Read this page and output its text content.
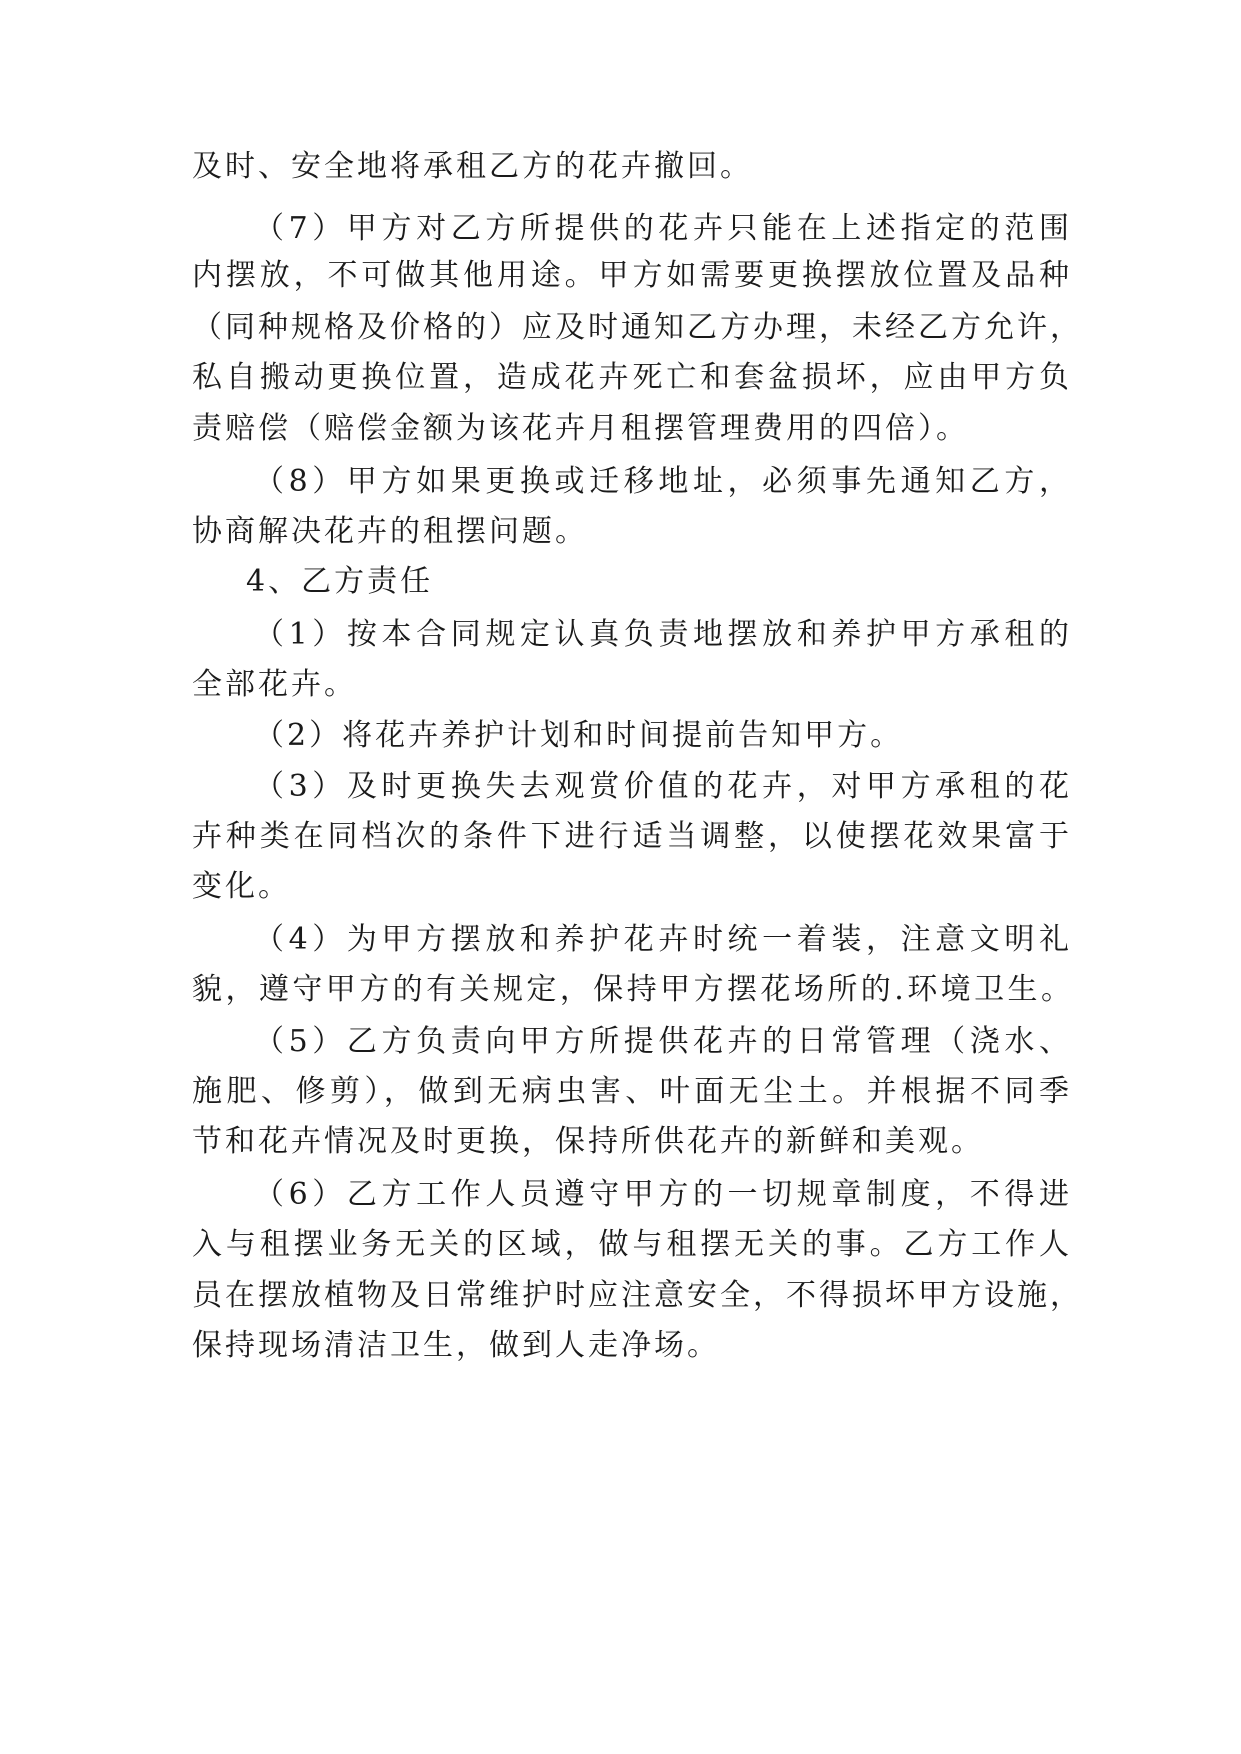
及时、安全地将承租乙方的花卉撤回。
（7）甲方对乙方所提供的花卉只能在上述指定的范围
内摆放，不可做其他用途。甲方如需要更换摆放位置及品种
（同种规格及价格的）应及时通知乙方办理，未经乙方允许，
私自搬动更换位置，造成花卉死亡和套盆损坏，应由甲方负
责赔偿（赔偿金额为该花卉月租摆管理费用的四倍）。
（8）甲方如果更换或迁移地址，必须事先通知乙方，
协商解决花卉的租摆问题。
4、乙方责任
（1）按本合同规定认真负责地摆放和养护甲方承租的
全部花卉。
（2）将花卉养护计划和时间提前告知甲方。
（3）及时更换失去观赏价值的花卉，对甲方承租的花
卉种类在同档次的条件下进行适当调整，以使摆花效果富于
变化。
（4）为甲方摆放和养护花卉时统一着装，注意文明礼
貌，遵守甲方的有关规定，保持甲方摆花场所的.环境卫生。
（5）乙方负责向甲方所提供花卉的日常管理（浇水、
施肥、修剪），做到无病虫害、叶面无尘土。并根据不同季
节和花卉情况及时更换，保持所供花卉的新鲜和美观。
（6）乙方工作人员遵守甲方的一切规章制度，不得进
入与租摆业务无关的区域，做与租摆无关的事。乙方工作人
员在摆放植物及日常维护时应注意安全，不得损坏甲方设施，
保持现场清洁卫生，做到人走净场。
